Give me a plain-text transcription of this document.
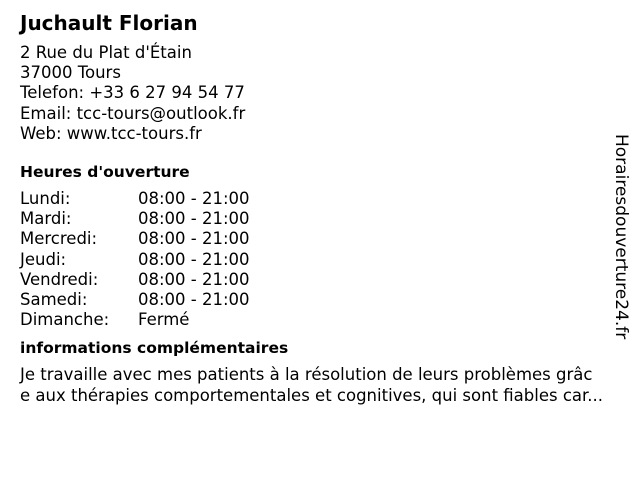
Juchault Florian
2 Rue du Plat d'Étain
37000 Tours
Telefon: +33 6 27 94 54 77
Email: tcc-tours@outlook.fr
Web: www.tcc-tours.fr
Heures d'ouverture
Lundi:	08:00 - 21:00
Mardi:	08:00 - 21:00
Mercredi:	08:00 - 21:00
Jeudi:	08:00 - 21:00
Vendredi:	08:00 - 21:00
Samedi:	08:00 - 21:00
Dimanche:	Fermé
informations complémentaires
Je travaille avec mes patients à la résolution de leurs problèmes grâc
e aux thérapies comportementales et cognitives, qui sont fiables car...
Horairesdouverture24.fr
